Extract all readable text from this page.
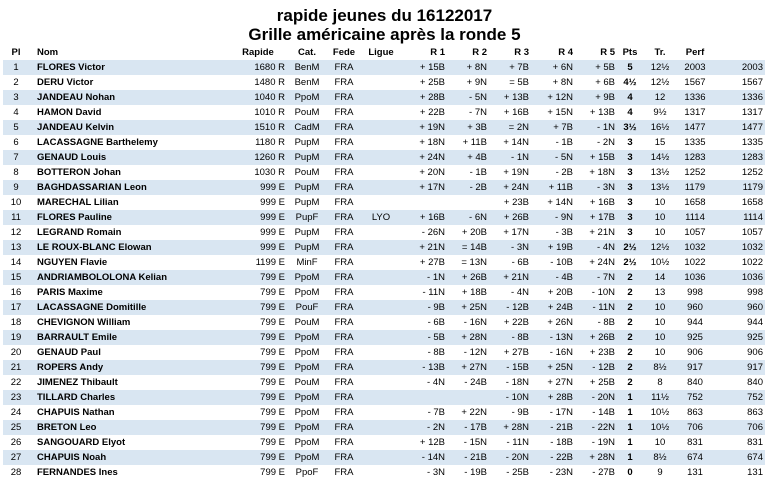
rapide jeunes du 16122017
Grille américaine après la ronde 5
Pl	Nom	Rapide	Cat.	Fede	Ligue	R 1	R 2	R 3	R 4	R 5	Pts	Tr.	Perf	
1	FLORES Victor	1680 R	BenM	FRA		+ 15B	+ 8N	+ 7B	+ 6N	+ 5B	5	12½	2003	2003
2	DERU Victor	1480 R	BenM	FRA		+ 25B	+ 9N	= 5B	+ 8N	+ 6B	4½	12½	1567	1567
3	JANDEAU Nohan	1040 R	PpoM	FRA		+ 28B	- 5N	+ 13B	+ 12N	+ 9B	4	12	1336	1336
4	HAMON David	1010 R	PouM	FRA		+ 22B	- 7N	+ 16B	+ 15N	+ 13B	4	9½	1317	1317
5	JANDEAU Kelvin	1510 R	CadM	FRA		+ 19N	+ 3B	= 2N	+ 7B	- 1N	3½	16½	1477	1477
6	LACASSAGNE Barthelemy	1180 R	PupM	FRA		+ 18N	+ 11B	+ 14N	- 1B	- 2N	3	15	1335	1335
7	GENAUD Louis	1260 R	PupM	FRA		+ 24N	+ 4B	- 1N	- 5N	+ 15B	3	14½	1283	1283
8	BOTTERON Johan	1030 R	PouM	FRA		+ 20N	- 1B	+ 19N	- 2B	+ 18N	3	13½	1252	1252
9	BAGHDASSARIAN Leon	999 E	PupM	FRA		+ 17N	- 2B	+ 24N	+ 11B	- 3N	3	13½	1179	1179
10	MARECHAL Lilian	999 E	PupM	FRA				+ 23B	+ 14N	+ 16B	3	10	1658	1658
11	FLORES Pauline	999 E	PupF	FRA	LYO	+ 16B	- 6N	+ 26B	- 9N	+ 17B	3	10	1114	1114
12	LEGRAND Romain	999 E	PupM	FRA		- 26N	+ 20B	+ 17N	- 3B	+ 21N	3	10	1057	1057
13	LE ROUX-BLANC Elowan	999 E	PupM	FRA		+ 21N	= 14B	- 3N	+ 19B	- 4N	2½	12½	1032	1032
14	NGUYEN Flavie	1199 E	MinF	FRA		+ 27B	= 13N	- 6B	- 10B	+ 24N	2½	10½	1022	1022
15	ANDRIAMBOLOLONA Kelian	799 E	PpoM	FRA		- 1N	+ 26B	+ 21N	- 4B	- 7N	2	14	1036	1036
16	PARIS Maxime	799 E	PpoM	FRA		- 11N	+ 18B	- 4N	+ 20B	- 10N	2	13	998	998
17	LACASSAGNE Domitille	799 E	PouF	FRA		- 9B	+ 25N	- 12B	+ 24B	- 11N	2	10	960	960
18	CHEVIGNON William	799 E	PouM	FRA		- 6B	- 16N	+ 22B	+ 26N	- 8B	2	10	944	944
19	BARRAULT Emile	799 E	PpoM	FRA		- 5B	+ 28N	- 8B	- 13N	+ 26B	2	10	925	925
20	GENAUD Paul	799 E	PpoM	FRA		- 8B	- 12N	+ 27B	- 16N	+ 23B	2	10	906	906
21	ROPERS Andy	799 E	PpoM	FRA		- 13B	+ 27N	- 15B	+ 25N	- 12B	2	8½	917	917
22	JIMENEZ Thibault	799 E	PouM	FRA		- 4N	- 24B	- 18N	+ 27N	+ 25B	2	8	840	840
23	TILLARD Charles	799 E	PpoM	FRA				- 10N	+ 28B	- 20N	1	11½	752	752
24	CHAPUIS Nathan	799 E	PpoM	FRA		- 7B	+ 22N	- 9B	- 17N	- 14B	1	10½	863	863
25	BRETON Leo	799 E	PpoM	FRA		- 2N	- 17B	+ 28N	- 21B	- 22N	1	10½	706	706
26	SANGOUARD Elyot	799 E	PpoM	FRA		+ 12B	- 15N	- 11N	- 18B	- 19N	1	10	831	831
27	CHAPUIS Noah	799 E	PpoM	FRA		- 14N	- 21B	- 20N	- 22B	+ 28N	1	8½	674	674
28	FERNANDES Ines	799 E	PpoF	FRA		- 3N	- 19B	- 25B	- 23N	- 27B	0	9	131	131
